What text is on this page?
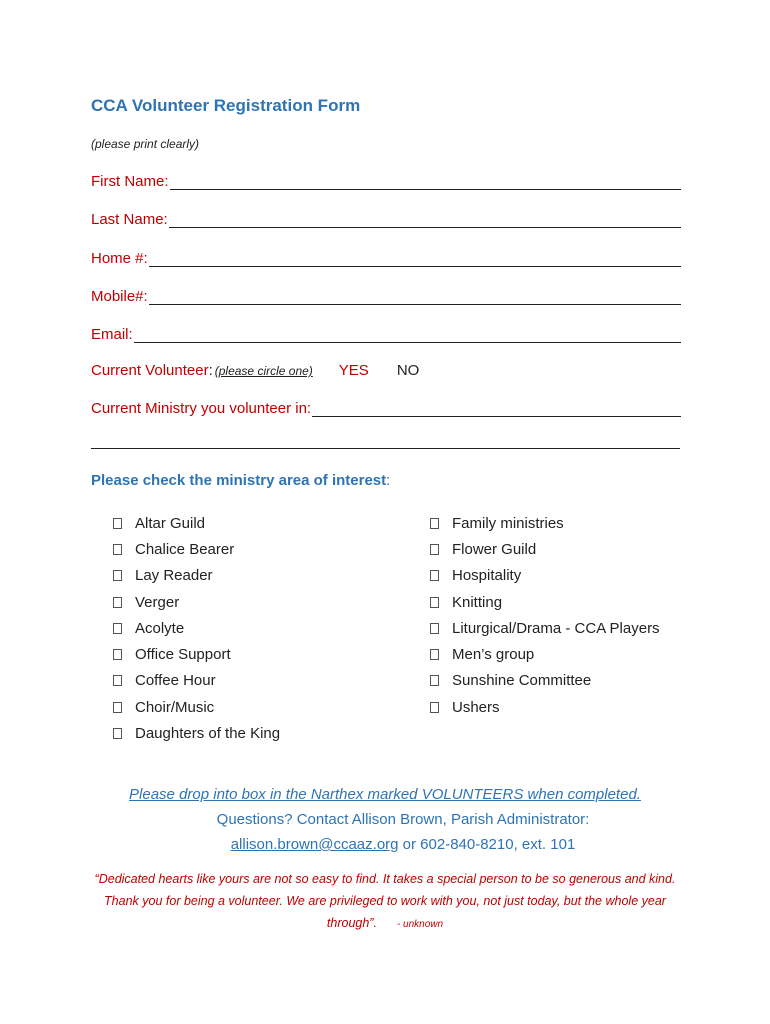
CCA Volunteer Registration Form
(please print clearly)
First Name:
Last Name:
Home #:
Mobile#:
Email:
Current Volunteer : (please circle one) YES NO
Current Ministry you volunteer in:
Please check the ministry area of interest:
Altar Guild
Chalice Bearer
Lay Reader
Verger
Acolyte
Office Support
Coffee Hour
Choir/Music
Daughters of the King
Family ministries
Flower Guild
Hospitality
Knitting
Liturgical/Drama - CCA Players
Men’s group
Sunshine Committee
Ushers
Please drop into box in the Narthex marked VOLUNTEERS when completed.
Questions? Contact Allison Brown, Parish Administrator:
allison.brown@ccaaz.org or 602-840-8210, ext. 101
“Dedicated hearts like yours are not so easy to find. It takes a special person to be so generous and kind. Thank you for being a volunteer. We are privileged to work with you, not just today, but the whole year through”. - unknown
